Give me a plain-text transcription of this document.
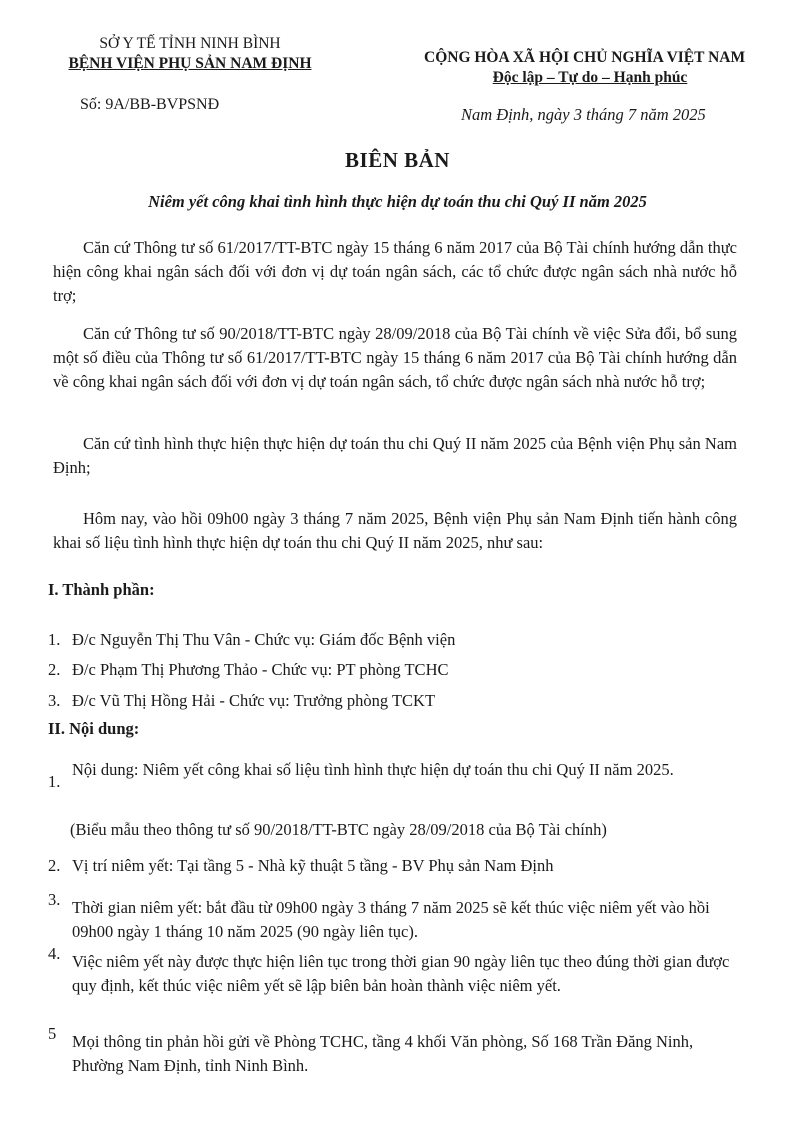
SỞ Y TẾ TỈNH NINH BÌNH
BỆNH VIỆN PHỤ SẢN NAM ĐỊNH
Số: 9A/BB-BVPSNĐ
CỘNG HÒA XÃ HỘI CHỦ NGHĨA VIỆT NAM
Độc lập – Tự do – Hạnh phúc
Nam Định, ngày 3 tháng 7 năm 2025
BIÊN BẢN
Niêm yết công khai tình hình thực hiện dự toán thu chi Quý II năm 2025
Căn cứ Thông tư số 61/2017/TT-BTC ngày 15 tháng 6 năm 2017 của Bộ Tài chính hướng dẫn thực hiện công khai ngân sách đối với đơn vị dự toán ngân sách, các tổ chức được ngân sách nhà nước hỗ trợ;
Căn cứ Thông tư số 90/2018/TT-BTC ngày 28/09/2018 của Bộ Tài chính về việc Sửa đổi, bổ sung một số điều của Thông tư số 61/2017/TT-BTC ngày 15 tháng 6 năm 2017 của Bộ Tài chính hướng dẫn về công khai ngân sách đối với đơn vị dự toán ngân sách, tổ chức được ngân sách nhà nước hỗ trợ;
Căn cứ tình hình thực hiện thực hiện dự toán thu chi Quý II năm 2025 của Bệnh viện Phụ sản Nam Định;
Hôm nay, vào hồi 09h00 ngày 3 tháng 7 năm 2025, Bệnh viện Phụ sản Nam Định tiến hành công khai số liệu tình hình thực hiện dự toán thu chi Quý II năm 2025, như sau:
I. Thành phần:
1. Đ/c Nguyễn Thị Thu Vân - Chức vụ: Giám đốc Bệnh viện
2. Đ/c Phạm Thị Phương Thảo - Chức vụ: PT phòng TCHC
3. Đ/c Vũ Thị Hồng Hải - Chức vụ: Trưởng phòng TCKT
II. Nội dung:
1.
Nội dung: Niêm yết công khai số liệu tình hình thực hiện dự toán thu chi Quý II năm 2025.
(Biểu mẫu theo thông tư số 90/2018/TT-BTC ngày 28/09/2018 của Bộ Tài chính)
2. Vị trí niêm yết: Tại tầng 5 - Nhà kỹ thuật 5 tầng - BV Phụ sản Nam Định
3. Thời gian niêm yết: bắt đầu từ 09h00 ngày 3 tháng 7 năm 2025 sẽ kết thúc việc niêm yết vào hồi 09h00 ngày 1 tháng 10 năm 2025 (90 ngày liên tục).
4. Việc niêm yết này được thực hiện liên tục trong thời gian 90 ngày liên tục theo đúng thời gian được quy định, kết thúc việc niêm yết sẽ lập biên bản hoàn thành việc niêm yết.
5 Mọi thông tin phản hồi gửi về Phòng TCHC, tầng 4 khối Văn phòng, Số 168 Trần Đăng Ninh, Phường Nam Định, tỉnh Ninh Bình.
